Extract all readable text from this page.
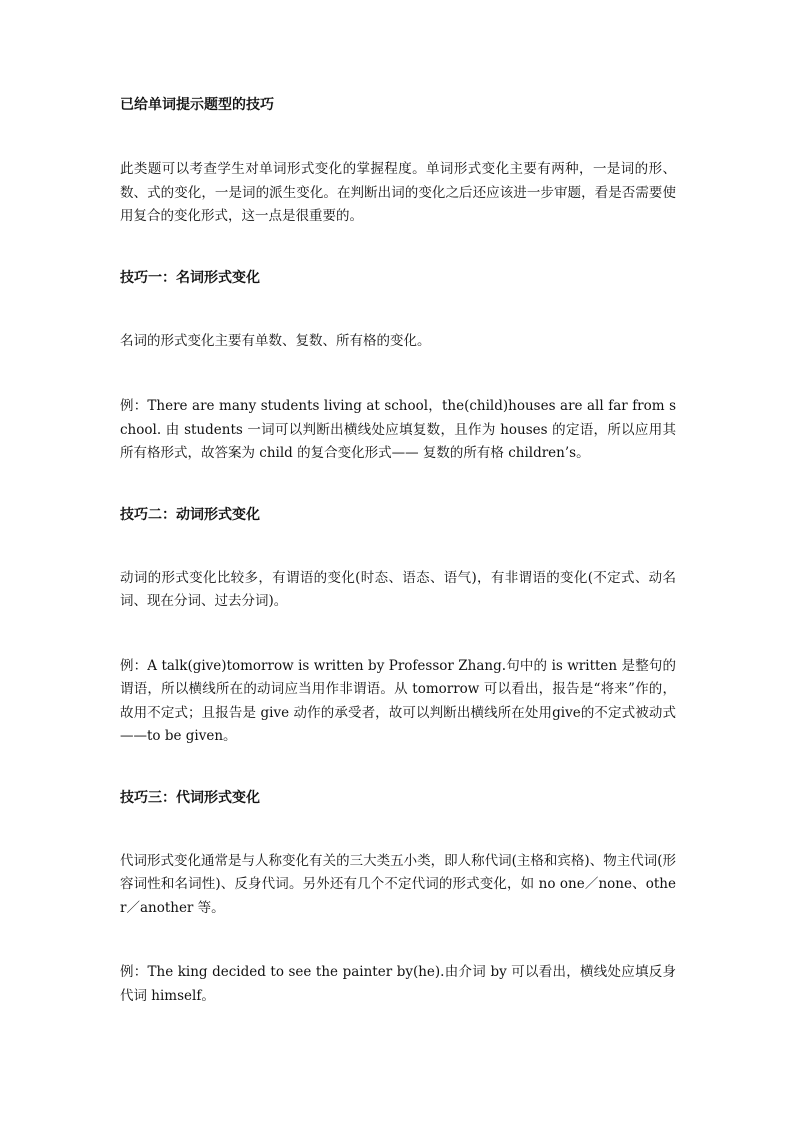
已给单词提示题型的技巧

此类题可以考查学生对单词形式变化的掌握程度。单词形式变化主要有两种，一是词的形、数、式的变化，一是词的派生变化。在判断出词的变化之后还应该进一步审题，看是否需要使用复合的变化形式，这一点是很重要的。

技巧一：名词形式变化

名词的形式变化主要有单数、复数、所有格的变化。

例：There are many students living at school，the(child)houses are all far from school. 由 students 一词可以判断出横线处应填复数，且作为 houses 的定语，所以应用其所有格形式，故答案为 child 的复合变化形式—— 复数的所有格 children’s。

技巧二：动词形式变化

动词的形式变化比较多，有谓语的变化(时态、语态、语气)，有非谓语的变化(不定式、动名词、现在分词、过去分词)。

例：A talk(give)tomorrow is written by Professor Zhang.句中的 is written 是整句的谓语，所以横线所在的动词应当用作非谓语。从 tomorrow 可以看出，报告是“将来”作的，故用不定式；且报告是 give 动作的承受者，故可以判断出横线所在处用give的不定式被动式——to be given。

技巧三：代词形式变化

代词形式变化通常是与人称变化有关的三大类五小类，即人称代词(主格和宾格)、物主代词(形容词性和名词性)、反身代词。另外还有几个不定代词的形式变化，如 no one／none、other／another 等。

例：The king decided to see the painter by(he).由介词 by 可以看出，横线处应填反身代词 himself。
